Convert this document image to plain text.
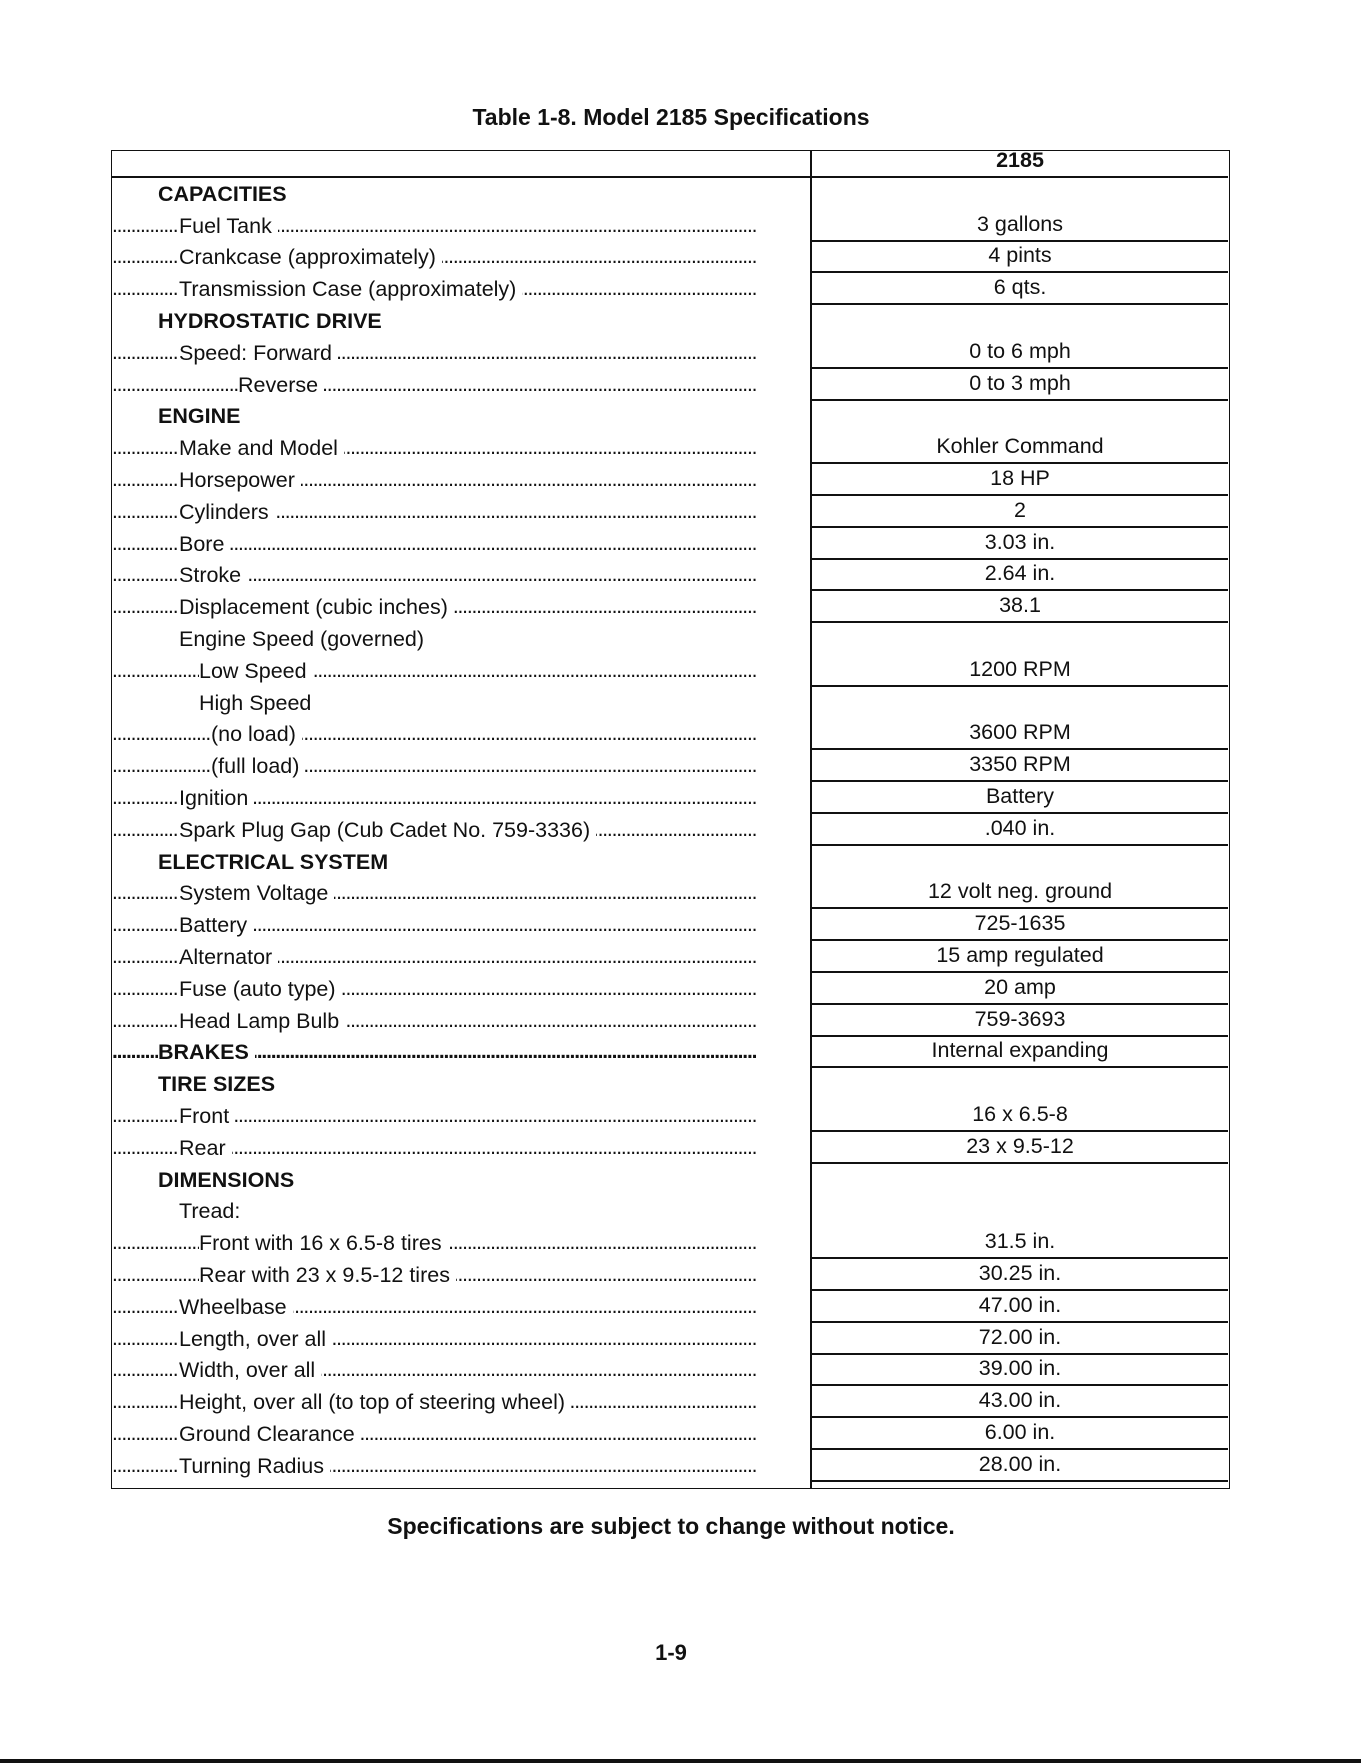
Table 1-8. Model 2185 Specifications
2185
CAPACITIES
Fuel Tank . . .	3 gallons
Crankcase (approximately) . . .	4 pints
Transmission Case (approximately) . . .	6 qts.
HYDROSTATIC DRIVE
Speed: Forward . . .	0 to 6 mph
Reverse . . .	0 to 3 mph
ENGINE
Make and Model . . .	Kohler Command
Horsepower . . .	18 HP
Cylinders . . .	2
Bore . . .	3.03 in.
Stroke . . .	2.64 in.
Displacement (cubic inches) . . .	38.1
Engine Speed (governed)
Low Speed . . .	1200 RPM
High Speed
(no load) . . .	3600 RPM
(full load) . . .	3350 RPM
Ignition . . .	Battery
Spark Plug Gap (Cub Cadet No. 759-3336) . . .	.040 in.
ELECTRICAL SYSTEM
System Voltage . . .	12 volt neg. ground
Battery . . .	725-1635
Alternator . . .	15 amp regulated
Fuse (auto type) . . .	20 amp
Head Lamp Bulb . . .	759-3693
BRAKES . . .	Internal expanding
TIRE SIZES
Front . . .	16 x 6.5-8
Rear . . .	23 x 9.5-12
DIMENSIONS
Tread:
Front with 16 x 6.5-8 tires . . .	31.5 in.
Rear with 23 x 9.5-12 tires . . .	30.25 in.
Wheelbase . . .	47.00 in.
Length, over all . . .	72.00 in.
Width, over all . . .	39.00 in.
Height, over all (to top of steering wheel) . . .	43.00 in.
Ground Clearance . . .	6.00 in.
Turning Radius . . .	28.00 in.
Specifications are subject to change without notice.
1-9
